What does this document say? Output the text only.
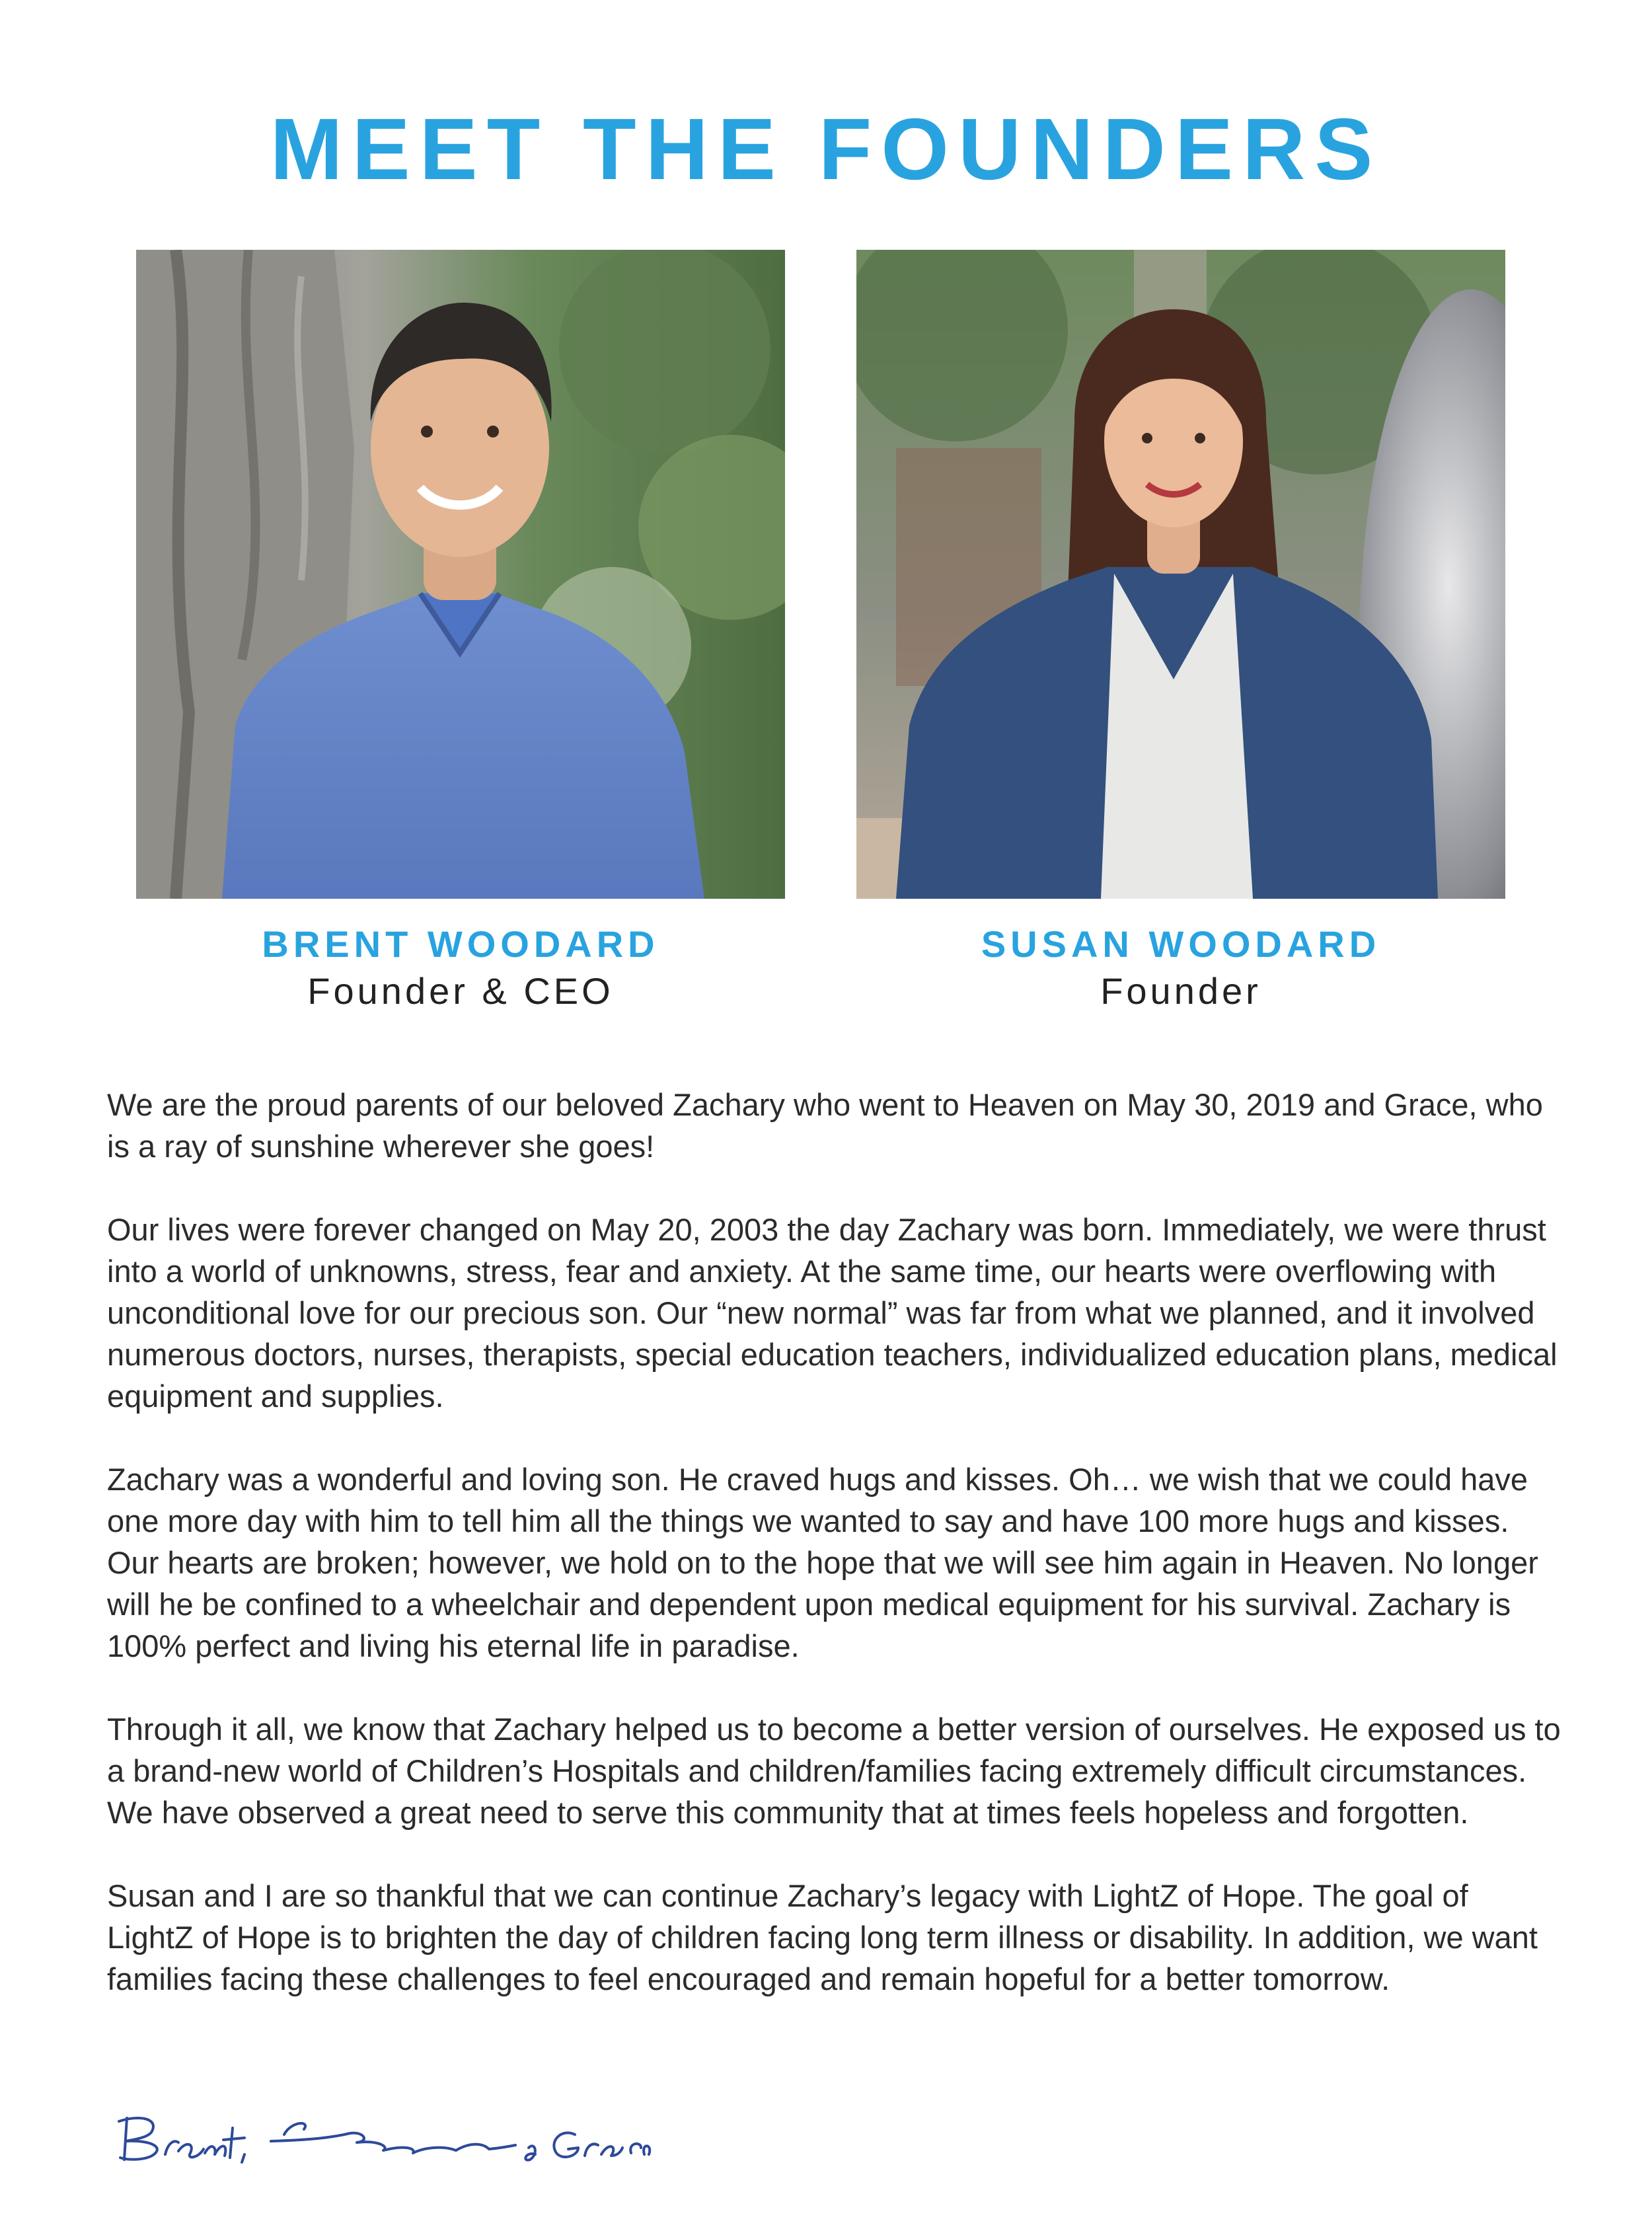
MEET THE FOUNDERS
BRENT WOODARD
Founder & CEO
SUSAN WOODARD
Founder

We are the proud parents of our beloved Zachary who went to Heaven on May 30, 2019 and Grace, who is a ray of sunshine wherever she goes!

Our lives were forever changed on May 20, 2003 the day Zachary was born. Immediately, we were thrust into a world of unknowns, stress, fear and anxiety. At the same time, our hearts were overflowing with unconditional love for our precious son. Our “new normal” was far from what we planned, and it involved numerous doctors, nurses, therapists, special education teachers, individualized education plans, medical equipment and supplies.

Zachary was a wonderful and loving son. He craved hugs and kisses. Oh… we wish that we could have one more day with him to tell him all the things we wanted to say and have 100 more hugs and kisses. Our hearts are broken; however, we hold on to the hope that we will see him again in Heaven. No longer will he be confined to a wheelchair and dependent upon medical equipment for his survival. Zachary is 100% perfect and living his eternal life in paradise.

Through it all, we know that Zachary helped us to become a better version of ourselves. He exposed us to a brand-new world of Children’s Hospitals and children/families facing extremely difficult circumstances. We have observed a great need to serve this community that at times feels hopeless and forgotten.

Susan and I are so thankful that we can continue Zachary’s legacy with LightZ of Hope. The goal of LightZ of Hope is to brighten the day of children facing long term illness or disability. In addition, we want families facing these challenges to feel encouraged and remain hopeful for a better tomorrow.
